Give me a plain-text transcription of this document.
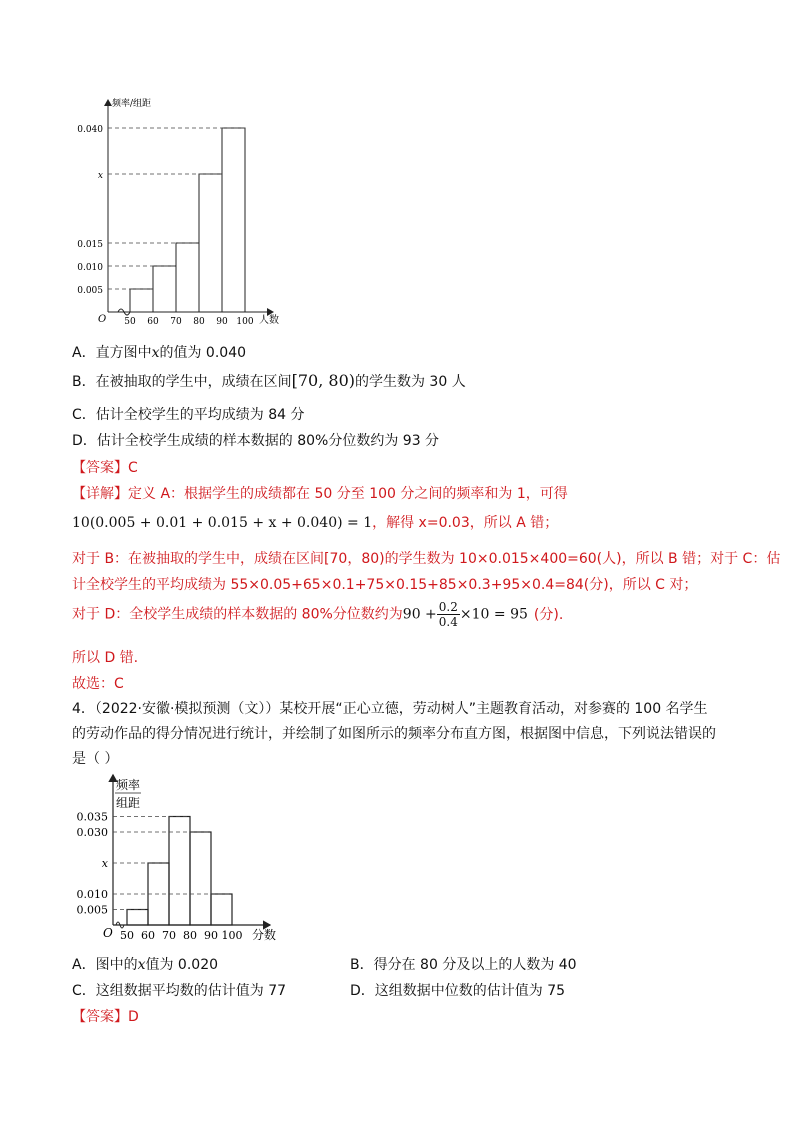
频率/组距
人数
O
0.040
x
0.015
0.010
0.005
50 60 70 80 90 100
A．直方图中x的值为 0.040
B．在被抽取的学生中，成绩在区间[70, 80)的学生数为 30 人
C．估计全校学生的平均成绩为 84 分
D．估计全校学生成绩的样本数据的 80%分位数约为 93 分
【答案】C
【详解】定义 A：根据学生的成绩都在 50 分至 100 分之间的频率和为 1，可得
10(0.005 + 0.01 + 0.015 + x + 0.040) = 1，解得 x=0.03，所以 A 错；
对于 B：在被抽取的学生中，成绩在区间[70，80)的学生数为 10×0.015×400=60(人)，所以 B 错；对于 C：估
计全校学生的平均成绩为 55×0.05+65×0.1+75×0.15+85×0.3+95×0.4=84(分)，所以 C 对；
对于 D：全校学生成绩的样本数据的 80%分位数约为$90 + \frac{0.2}{0.4} \times 10 = 95$ (分).
所以 D 错.
故选：C
4．（2022·安徽·模拟预测（文））某校开展“正心立德，劳动树人”主题教育活动，对参赛的 100 名学生
的劳动作品的得分情况进行统计，并绘制了如图所示的频率分布直方图，根据图中信息，下列说法错误的
是（ ）
频率
组距
分数
O
0.035
0.030
x
0.010
0.005
50 60 70 80 90 100
A．图中的x值为 0.020	B．得分在 80 分及以上的人数为 40
C．这组数据平均数的估计值为 77	D．这组数据中位数的估计值为 75
【答案】D
